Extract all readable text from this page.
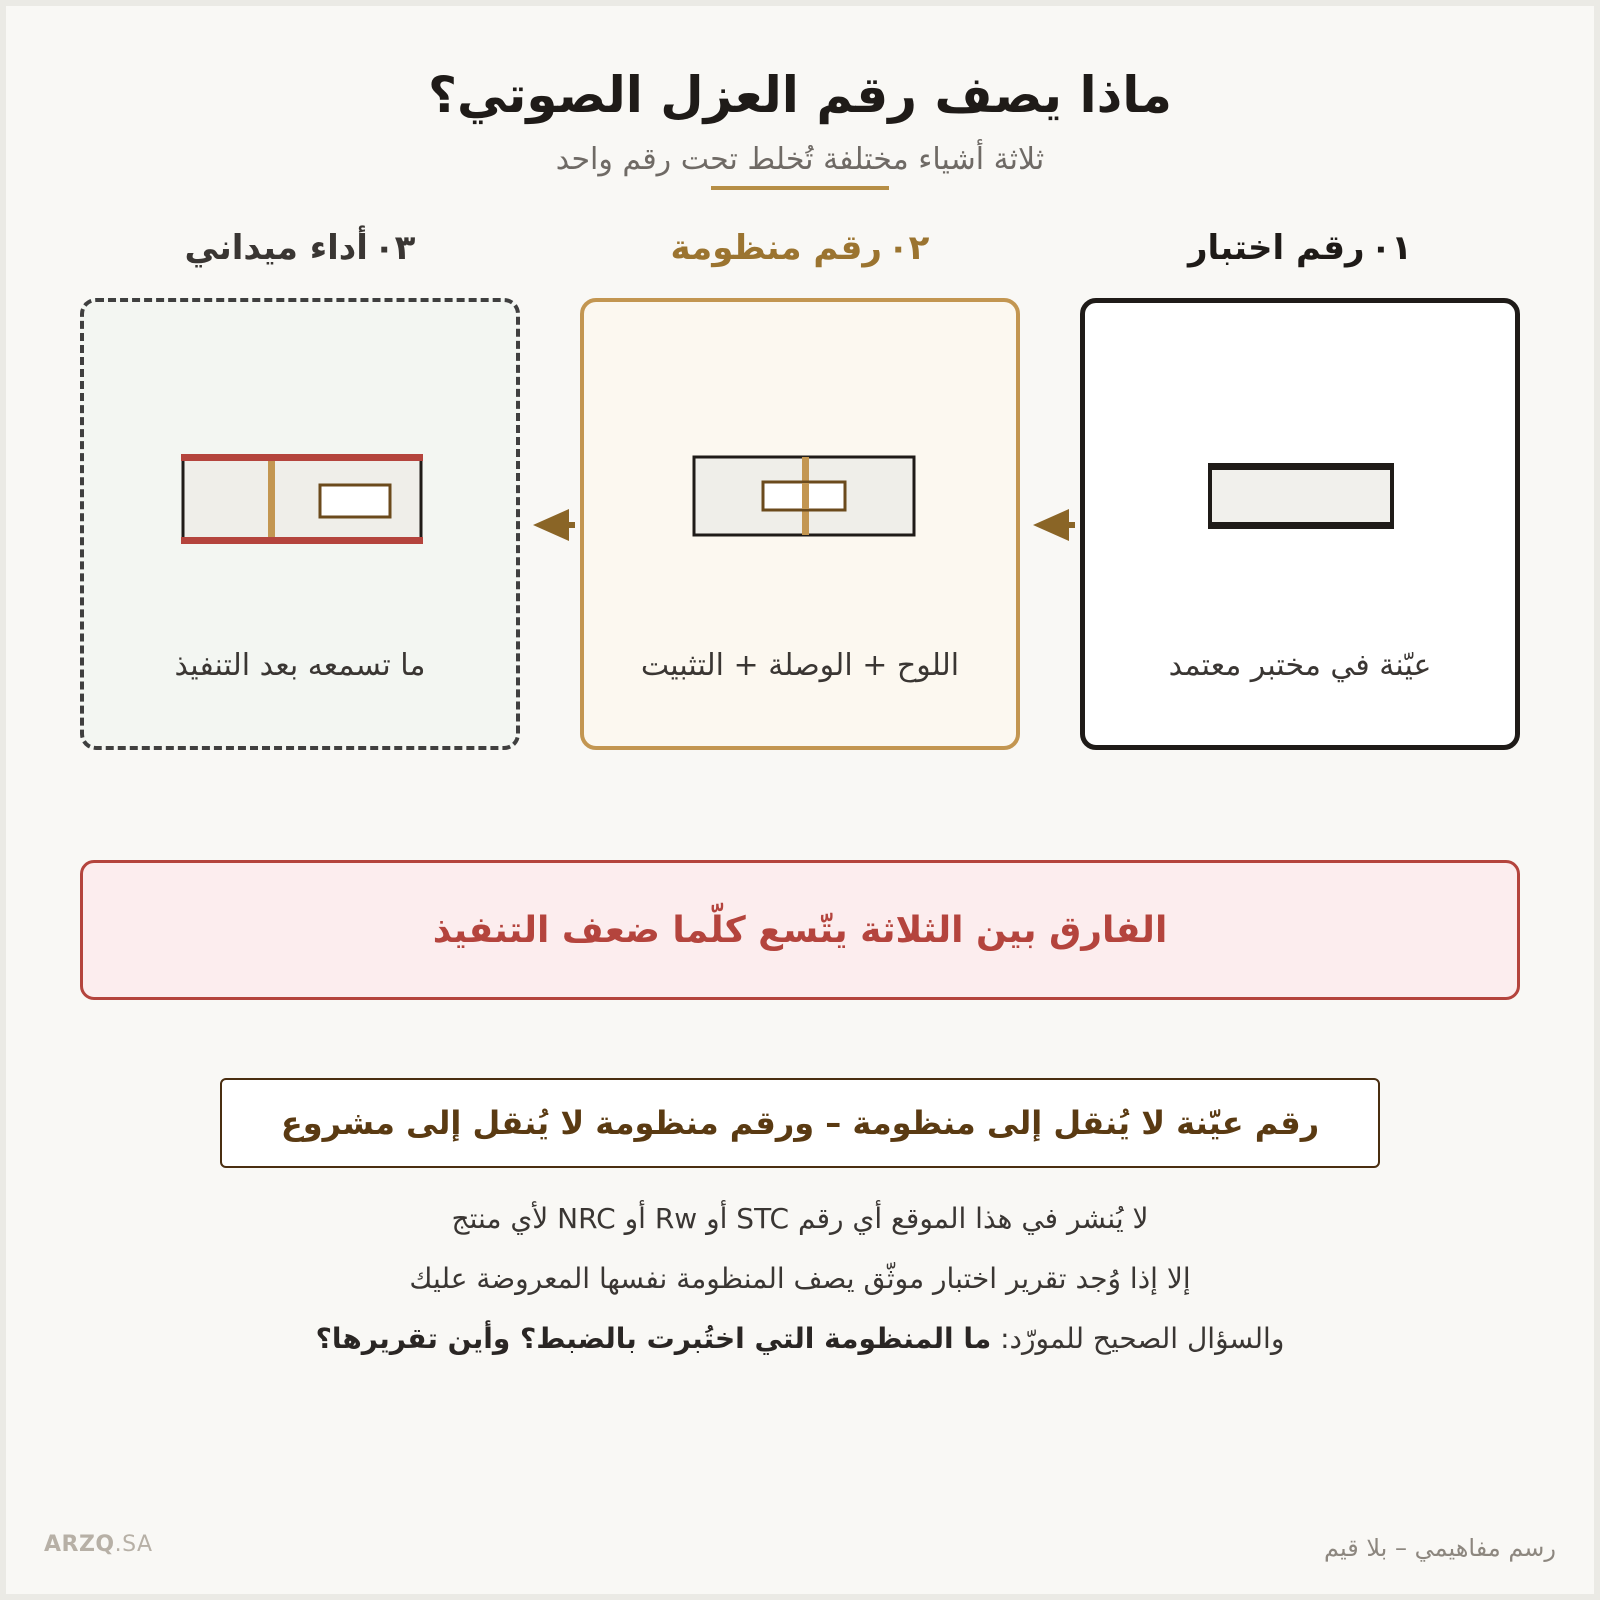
ماذا يصف رقم العزل الصوتي؟
ثلاثة أشياء مختلفة تُخلط تحت رقم واحد
٠١رقم اختبار
٠٢رقم منظومة
٠٣أداء ميداني
عيّنة في مختبر معتمد
اللوح + الوصلة + التثبيت
ما تسمعه بعد التنفيذ
الفارق بين الثلاثة يتّسع كلّما ضعف التنفيذ
رقم عيّنة لا يُنقل إلى منظومة – ورقم منظومة لا يُنقل إلى مشروع
لا يُنشر في هذا الموقع أي رقم STC أو Rw أو NRC لأي منتج
إلا إذا وُجد تقرير اختبار موثّق يصف المنظومة نفسها المعروضة عليك
والسؤال الصحيح للمورّد: ما المنظومة التي اختُبرت بالضبط؟ وأين تقريرها؟
ARZQ.SA	رسم مفاهيمي – بلا قيم
